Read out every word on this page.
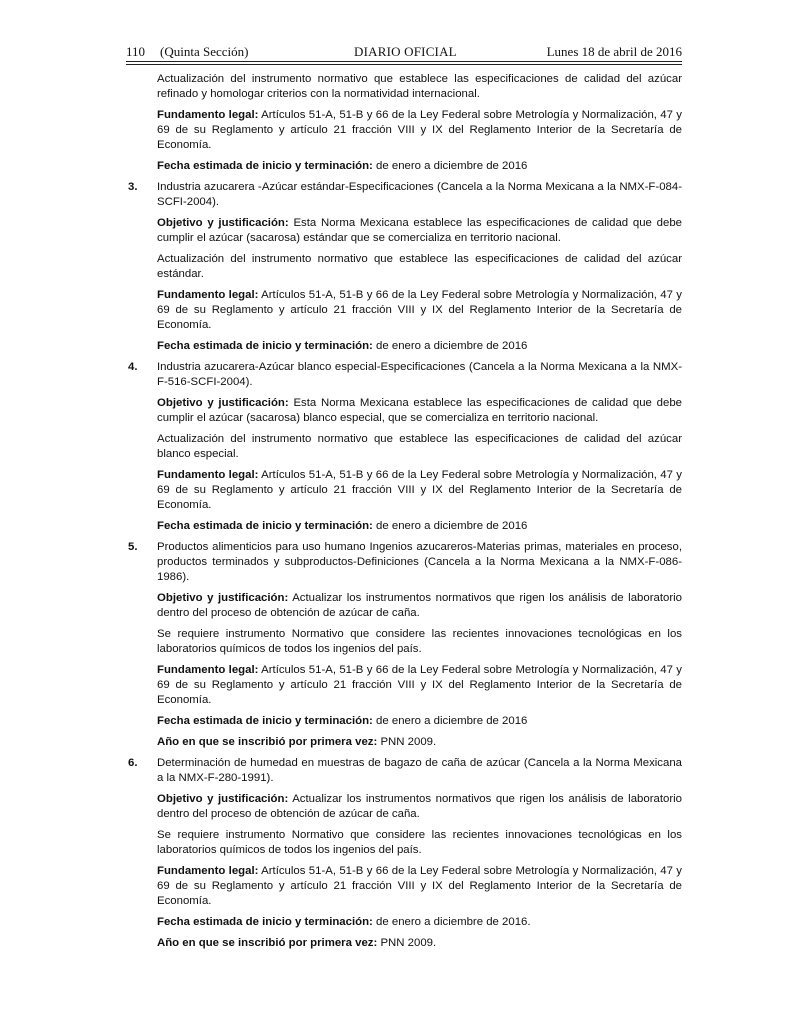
110 (Quinta Sección)	DIARIO OFICIAL	Lunes 18 de abril de 2016

Actualización del instrumento normativo que establece las especificaciones de calidad del azúcar refinado y homologar criterios con la normatividad internacional.

Fundamento legal: Artículos 51-A, 51-B y 66 de la Ley Federal sobre Metrología y Normalización, 47 y 69 de su Reglamento y artículo 21 fracción VIII y IX del Reglamento Interior de la Secretaría de Economía.

Fecha estimada de inicio y terminación: de enero a diciembre de 2016

3. Industria azucarera -Azúcar estándar-Especificaciones (Cancela a la Norma Mexicana a la NMX-F-084-SCFI-2004).

Objetivo y justificación: Esta Norma Mexicana establece las especificaciones de calidad que debe cumplir el azúcar (sacarosa) estándar que se comercializa en territorio nacional.

Actualización del instrumento normativo que establece las especificaciones de calidad del azúcar estándar.

Fundamento legal: Artículos 51-A, 51-B y 66 de la Ley Federal sobre Metrología y Normalización, 47 y 69 de su Reglamento y artículo 21 fracción VIII y IX del Reglamento Interior de la Secretaría de Economía.

Fecha estimada de inicio y terminación: de enero a diciembre de 2016

4. Industria azucarera-Azúcar blanco especial-Especificaciones (Cancela a la Norma Mexicana a la NMX-F-516-SCFI-2004).

Objetivo y justificación: Esta Norma Mexicana establece las especificaciones de calidad que debe cumplir el azúcar (sacarosa) blanco especial, que se comercializa en territorio nacional.

Actualización del instrumento normativo que establece las especificaciones de calidad del azúcar blanco especial.

Fundamento legal: Artículos 51-A, 51-B y 66 de la Ley Federal sobre Metrología y Normalización, 47 y 69 de su Reglamento y artículo 21 fracción VIII y IX del Reglamento Interior de la Secretaría de Economía.

Fecha estimada de inicio y terminación: de enero a diciembre de 2016

5. Productos alimenticios para uso humano Ingenios azucareros-Materias primas, materiales en proceso, productos terminados y subproductos-Definiciones (Cancela a la Norma Mexicana a la NMX-F-086-1986).

Objetivo y justificación: Actualizar los instrumentos normativos que rigen los análisis de laboratorio dentro del proceso de obtención de azúcar de caña.

Se requiere instrumento Normativo que considere las recientes innovaciones tecnológicas en los laboratorios químicos de todos los ingenios del país.

Fundamento legal: Artículos 51-A, 51-B y 66 de la Ley Federal sobre Metrología y Normalización, 47 y 69 de su Reglamento y artículo 21 fracción VIII y IX del Reglamento Interior de la Secretaría de Economía.

Fecha estimada de inicio y terminación: de enero a diciembre de 2016

Año en que se inscribió por primera vez: PNN 2009.

6. Determinación de humedad en muestras de bagazo de caña de azúcar (Cancela a la Norma Mexicana a la NMX-F-280-1991).

Objetivo y justificación: Actualizar los instrumentos normativos que rigen los análisis de laboratorio dentro del proceso de obtención de azúcar de caña.

Se requiere instrumento Normativo que considere las recientes innovaciones tecnológicas en los laboratorios químicos de todos los ingenios del país.

Fundamento legal: Artículos 51-A, 51-B y 66 de la Ley Federal sobre Metrología y Normalización, 47 y 69 de su Reglamento y artículo 21 fracción VIII y IX del Reglamento Interior de la Secretaría de Economía.

Fecha estimada de inicio y terminación: de enero a diciembre de 2016.

Año en que se inscribió por primera vez: PNN 2009.
